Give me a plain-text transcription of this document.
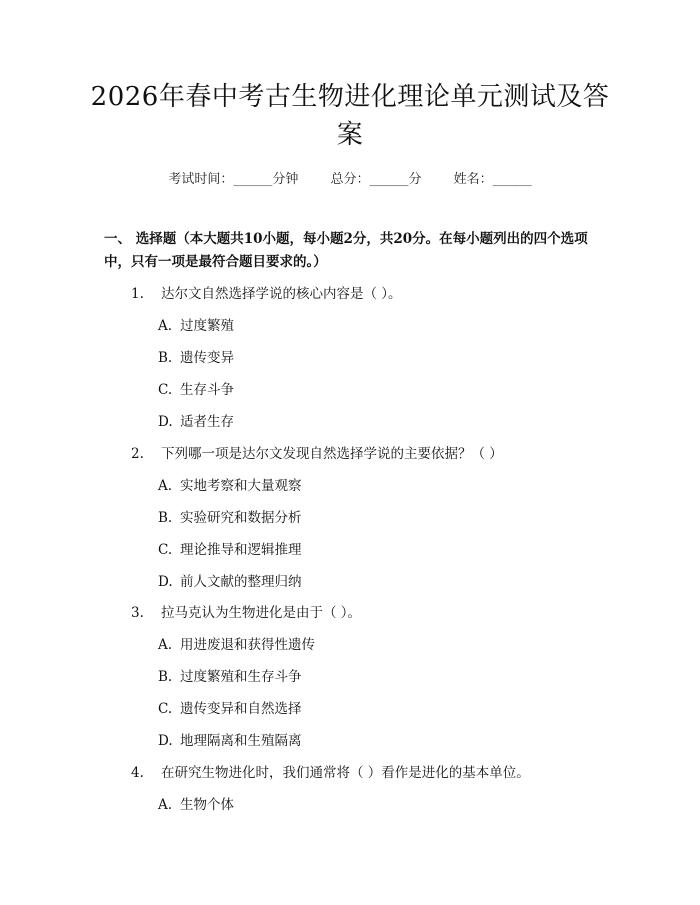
2026年春中考古生物进化理论单元测试及答案
考试时间：______分钟 总分：______分 姓名：______
一、 选择题（本大题共10小题，每小题2分，共20分。在每小题列出的四个选项中，只有一项是最符合题目要求的。）
1. 达尔文自然选择学说的核心内容是（ ）。
A. 过度繁殖
B. 遗传变异
C. 生存斗争
D. 适者生存
2. 下列哪一项是达尔文发现自然选择学说的主要依据？（ ）
A. 实地考察和大量观察
B. 实验研究和数据分析
C. 理论推导和逻辑推理
D. 前人文献的整理归纳
3. 拉马克认为生物进化是由于（ ）。
A. 用进废退和获得性遗传
B. 过度繁殖和生存斗争
C. 遗传变异和自然选择
D. 地理隔离和生殖隔离
4. 在研究生物进化时，我们通常将（ ）看作是进化的基本单位。
A. 生物个体
